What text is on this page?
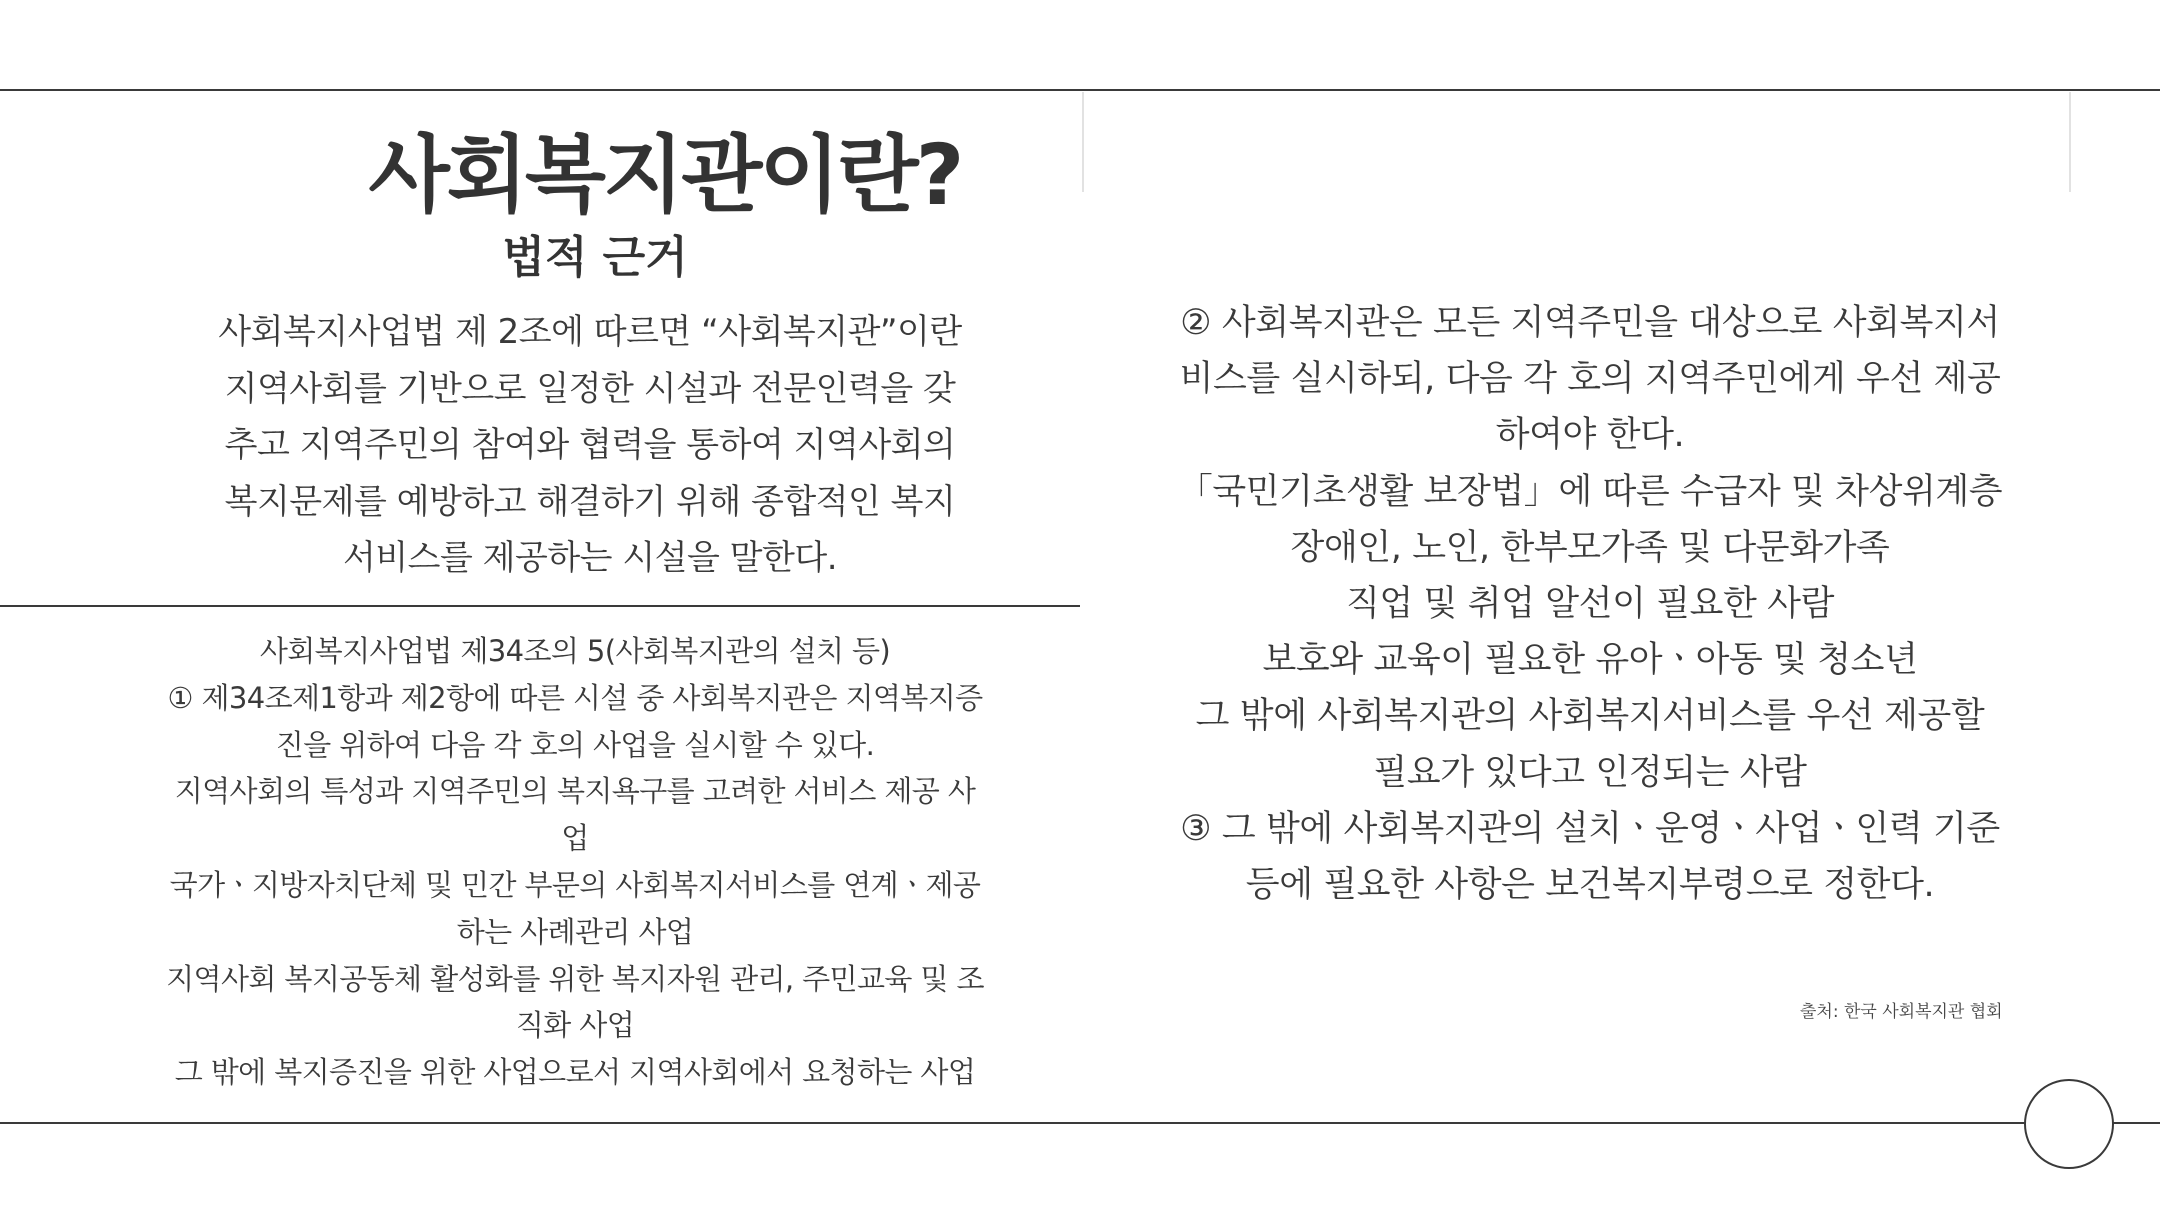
사회복지관이란?
법적 근거
사회복지사업법 제 2조에 따르면 “사회복지관”이란
지역사회를 기반으로 일정한 시설과 전문인력을 갖
추고 지역주민의 참여와 협력을 통하여 지역사회의
복지문제를 예방하고 해결하기 위해 종합적인 복지
서비스를 제공하는 시설을 말한다.
사회복지사업법 제34조의 5(사회복지관의 설치 등)
① 제34조제1항과 제2항에 따른 시설 중 사회복지관은 지역복지증
진을 위하여 다음 각 호의 사업을 실시할 수 있다.
지역사회의 특성과 지역주민의 복지욕구를 고려한 서비스 제공 사
업
국가ㆍ지방자치단체 및 민간 부문의 사회복지서비스를 연계ㆍ제공
하는 사례관리 사업
지역사회 복지공동체 활성화를 위한 복지자원 관리, 주민교육 및 조
직화 사업
그 밖에 복지증진을 위한 사업으로서 지역사회에서 요청하는 사업
② 사회복지관은 모든 지역주민을 대상으로 사회복지서
비스를 실시하되, 다음 각 호의 지역주민에게 우선 제공
하여야 한다.
「국민기초생활 보장법」에 따른 수급자 및 차상위계층
장애인, 노인, 한부모가족 및 다문화가족
직업 및 취업 알선이 필요한 사람
보호와 교육이 필요한 유아ㆍ아동 및 청소년
그 밖에 사회복지관의 사회복지서비스를 우선 제공할
필요가 있다고 인정되는 사람
③ 그 밖에 사회복지관의 설치ㆍ운영ㆍ사업ㆍ인력 기준
등에 필요한 사항은 보건복지부령으로 정한다.
출처: 한국 사회복지관 협회
